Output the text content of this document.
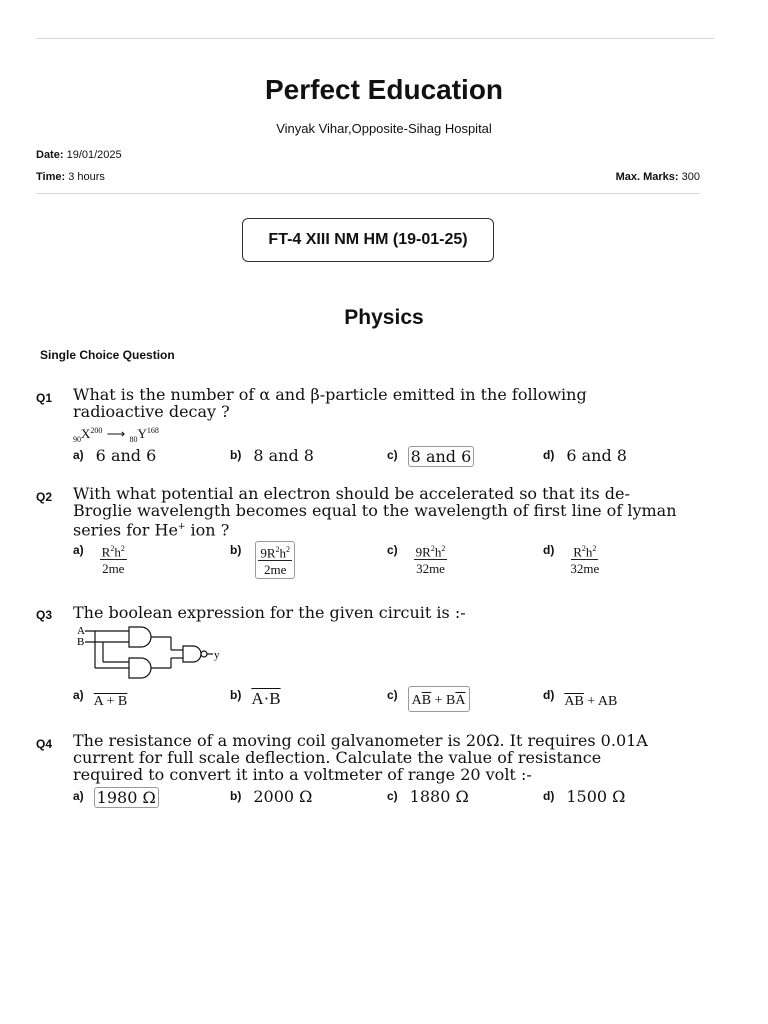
Perfect Education
Vinyak Vihar,Opposite-Sihag Hospital
Date: 19/01/2025
Time: 3 hours	Max. Marks: 300
FT-4 XIII NM HM (19-01-25)
Physics
Single Choice Question
Q1 What is the number of α and β-particle emitted in the following radioactive decay ?
$_{90}X^{200}$ ⟶ $_{80}Y^{168}$
a) 6 and 6	b) 8 and 8	c) 8 and 6	d) 6 and 8
Q2 With what potential an electron should be accelerated so that its de-Broglie wavelength becomes equal to the wavelength of first line of lyman series for He+ ion ?
$a) \frac{R^2h^2}{2me}$	$b) \frac{9R^2h^2}{2me}$	$c) \frac{9R^2h^2}{32me}$	$d) \frac{R^2h^2}{32me}$
Q3 The boolean expression for the given circuit is :-
A
B
y
a) A + B	b) A·B	c) $A\overline{B} + B\overline{A}$	d) $\overline{AB}$ + AB
Q4 The resistance of a moving coil galvanometer is 20Ω. It requires 0.01A current for full scale deflection. Calculate the value of resistance required to convert it into a voltmeter of range 20 volt :-
a) 1980 Ω	b) 2000 Ω	c) 1880 Ω	d) 1500 Ω
